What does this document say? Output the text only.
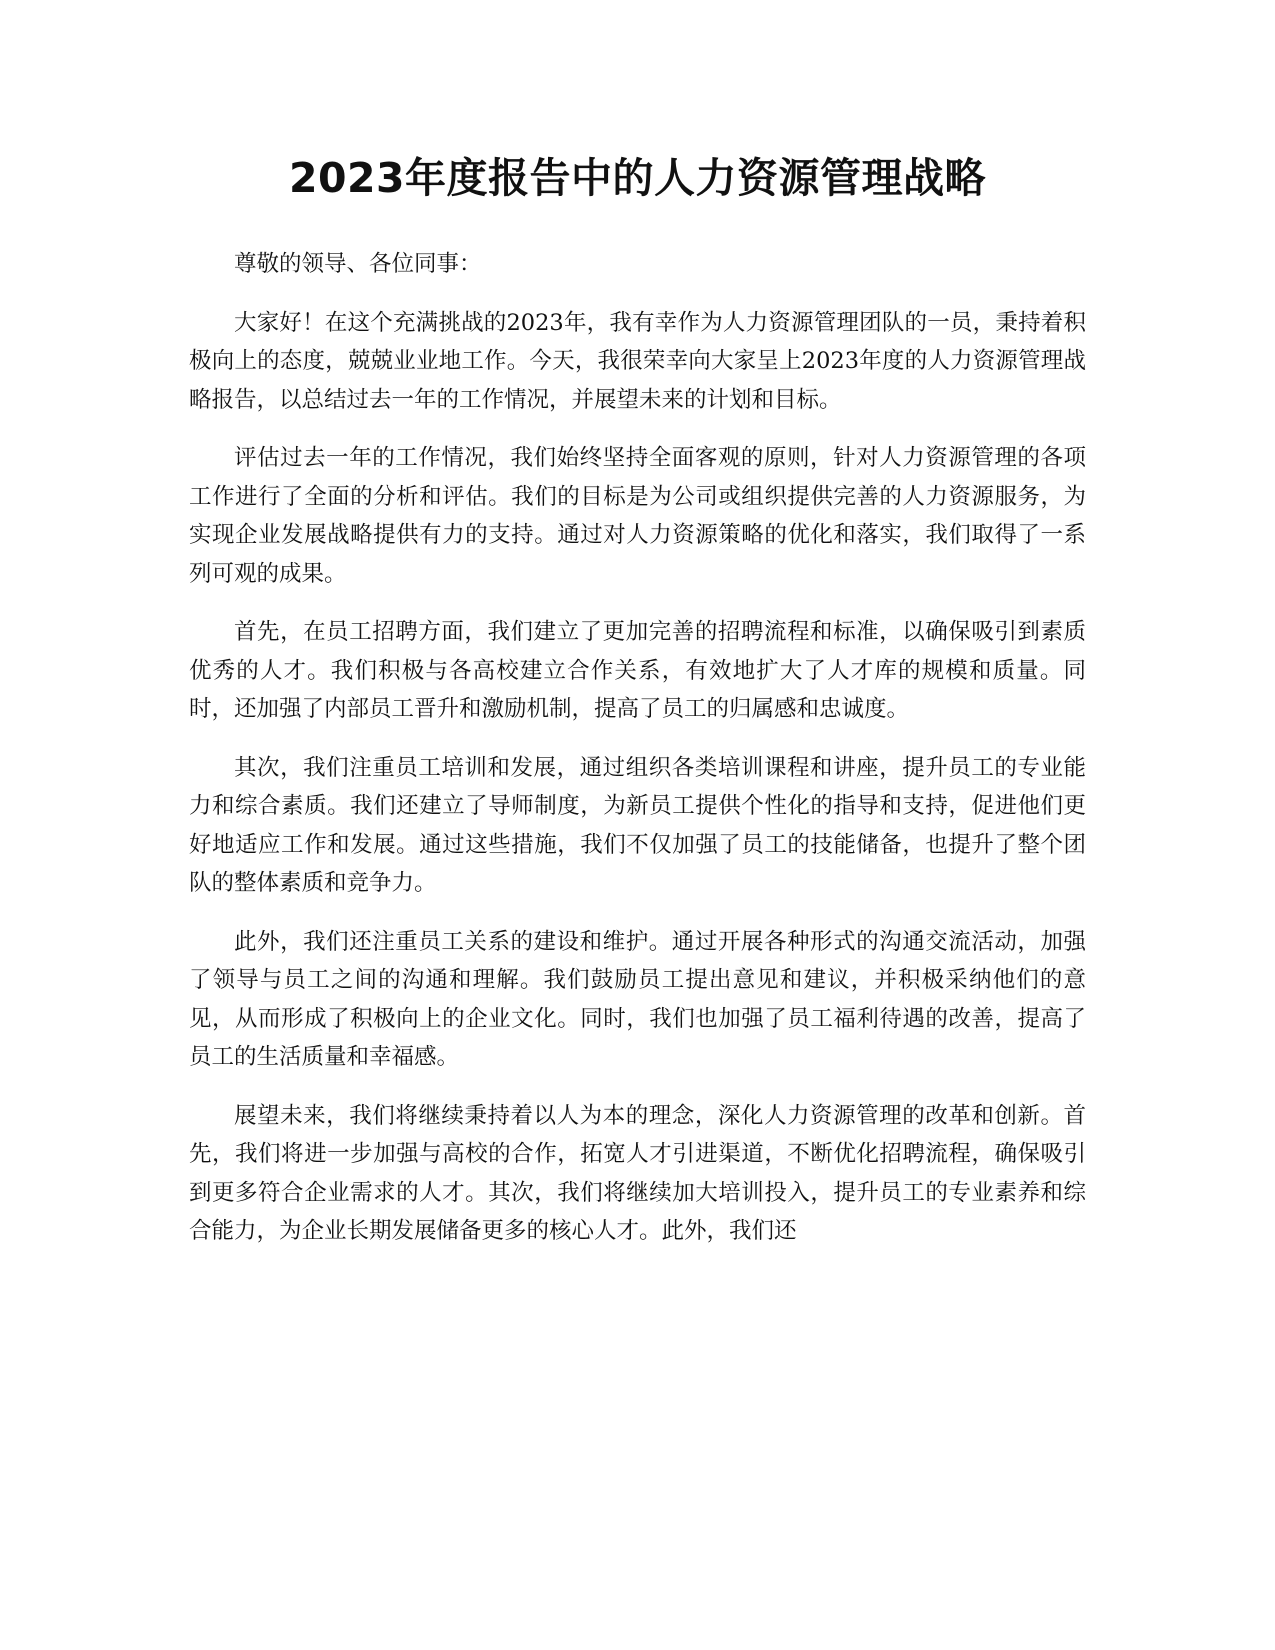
2023年度报告中的人力资源管理战略

尊敬的领导、各位同事：

大家好！在这个充满挑战的2023年，我有幸作为人力资源管理团队的一员，秉持着积极向上的态度，兢兢业业地工作。今天，我很荣幸向大家呈上2023年度的人力资源管理战略报告，以总结过去一年的工作情况，并展望未来的计划和目标。

评估过去一年的工作情况，我们始终坚持全面客观的原则，针对人力资源管理的各项工作进行了全面的分析和评估。我们的目标是为公司或组织提供完善的人力资源服务，为实现企业发展战略提供有力的支持。通过对人力资源策略的优化和落实，我们取得了一系列可观的成果。

首先，在员工招聘方面，我们建立了更加完善的招聘流程和标准，以确保吸引到素质优秀的人才。我们积极与各高校建立合作关系，有效地扩大了人才库的规模和质量。同时，还加强了内部员工晋升和激励机制，提高了员工的归属感和忠诚度。

其次，我们注重员工培训和发展，通过组织各类培训课程和讲座，提升员工的专业能力和综合素质。我们还建立了导师制度，为新员工提供个性化的指导和支持，促进他们更好地适应工作和发展。通过这些措施，我们不仅加强了员工的技能储备，也提升了整个团队的整体素质和竞争力。

此外，我们还注重员工关系的建设和维护。通过开展各种形式的沟通交流活动，加强了领导与员工之间的沟通和理解。我们鼓励员工提出意见和建议，并积极采纳他们的意见，从而形成了积极向上的企业文化。同时，我们也加强了员工福利待遇的改善，提高了员工的生活质量和幸福感。

展望未来，我们将继续秉持着以人为本的理念，深化人力资源管理的改革和创新。首先，我们将进一步加强与高校的合作，拓宽人才引进渠道，不断优化招聘流程，确保吸引到更多符合企业需求的人才。其次，我们将继续加大培训投入，提升员工的专业素养和综合能力，为企业长期发展储备更多的核心人才。此外，我们还
